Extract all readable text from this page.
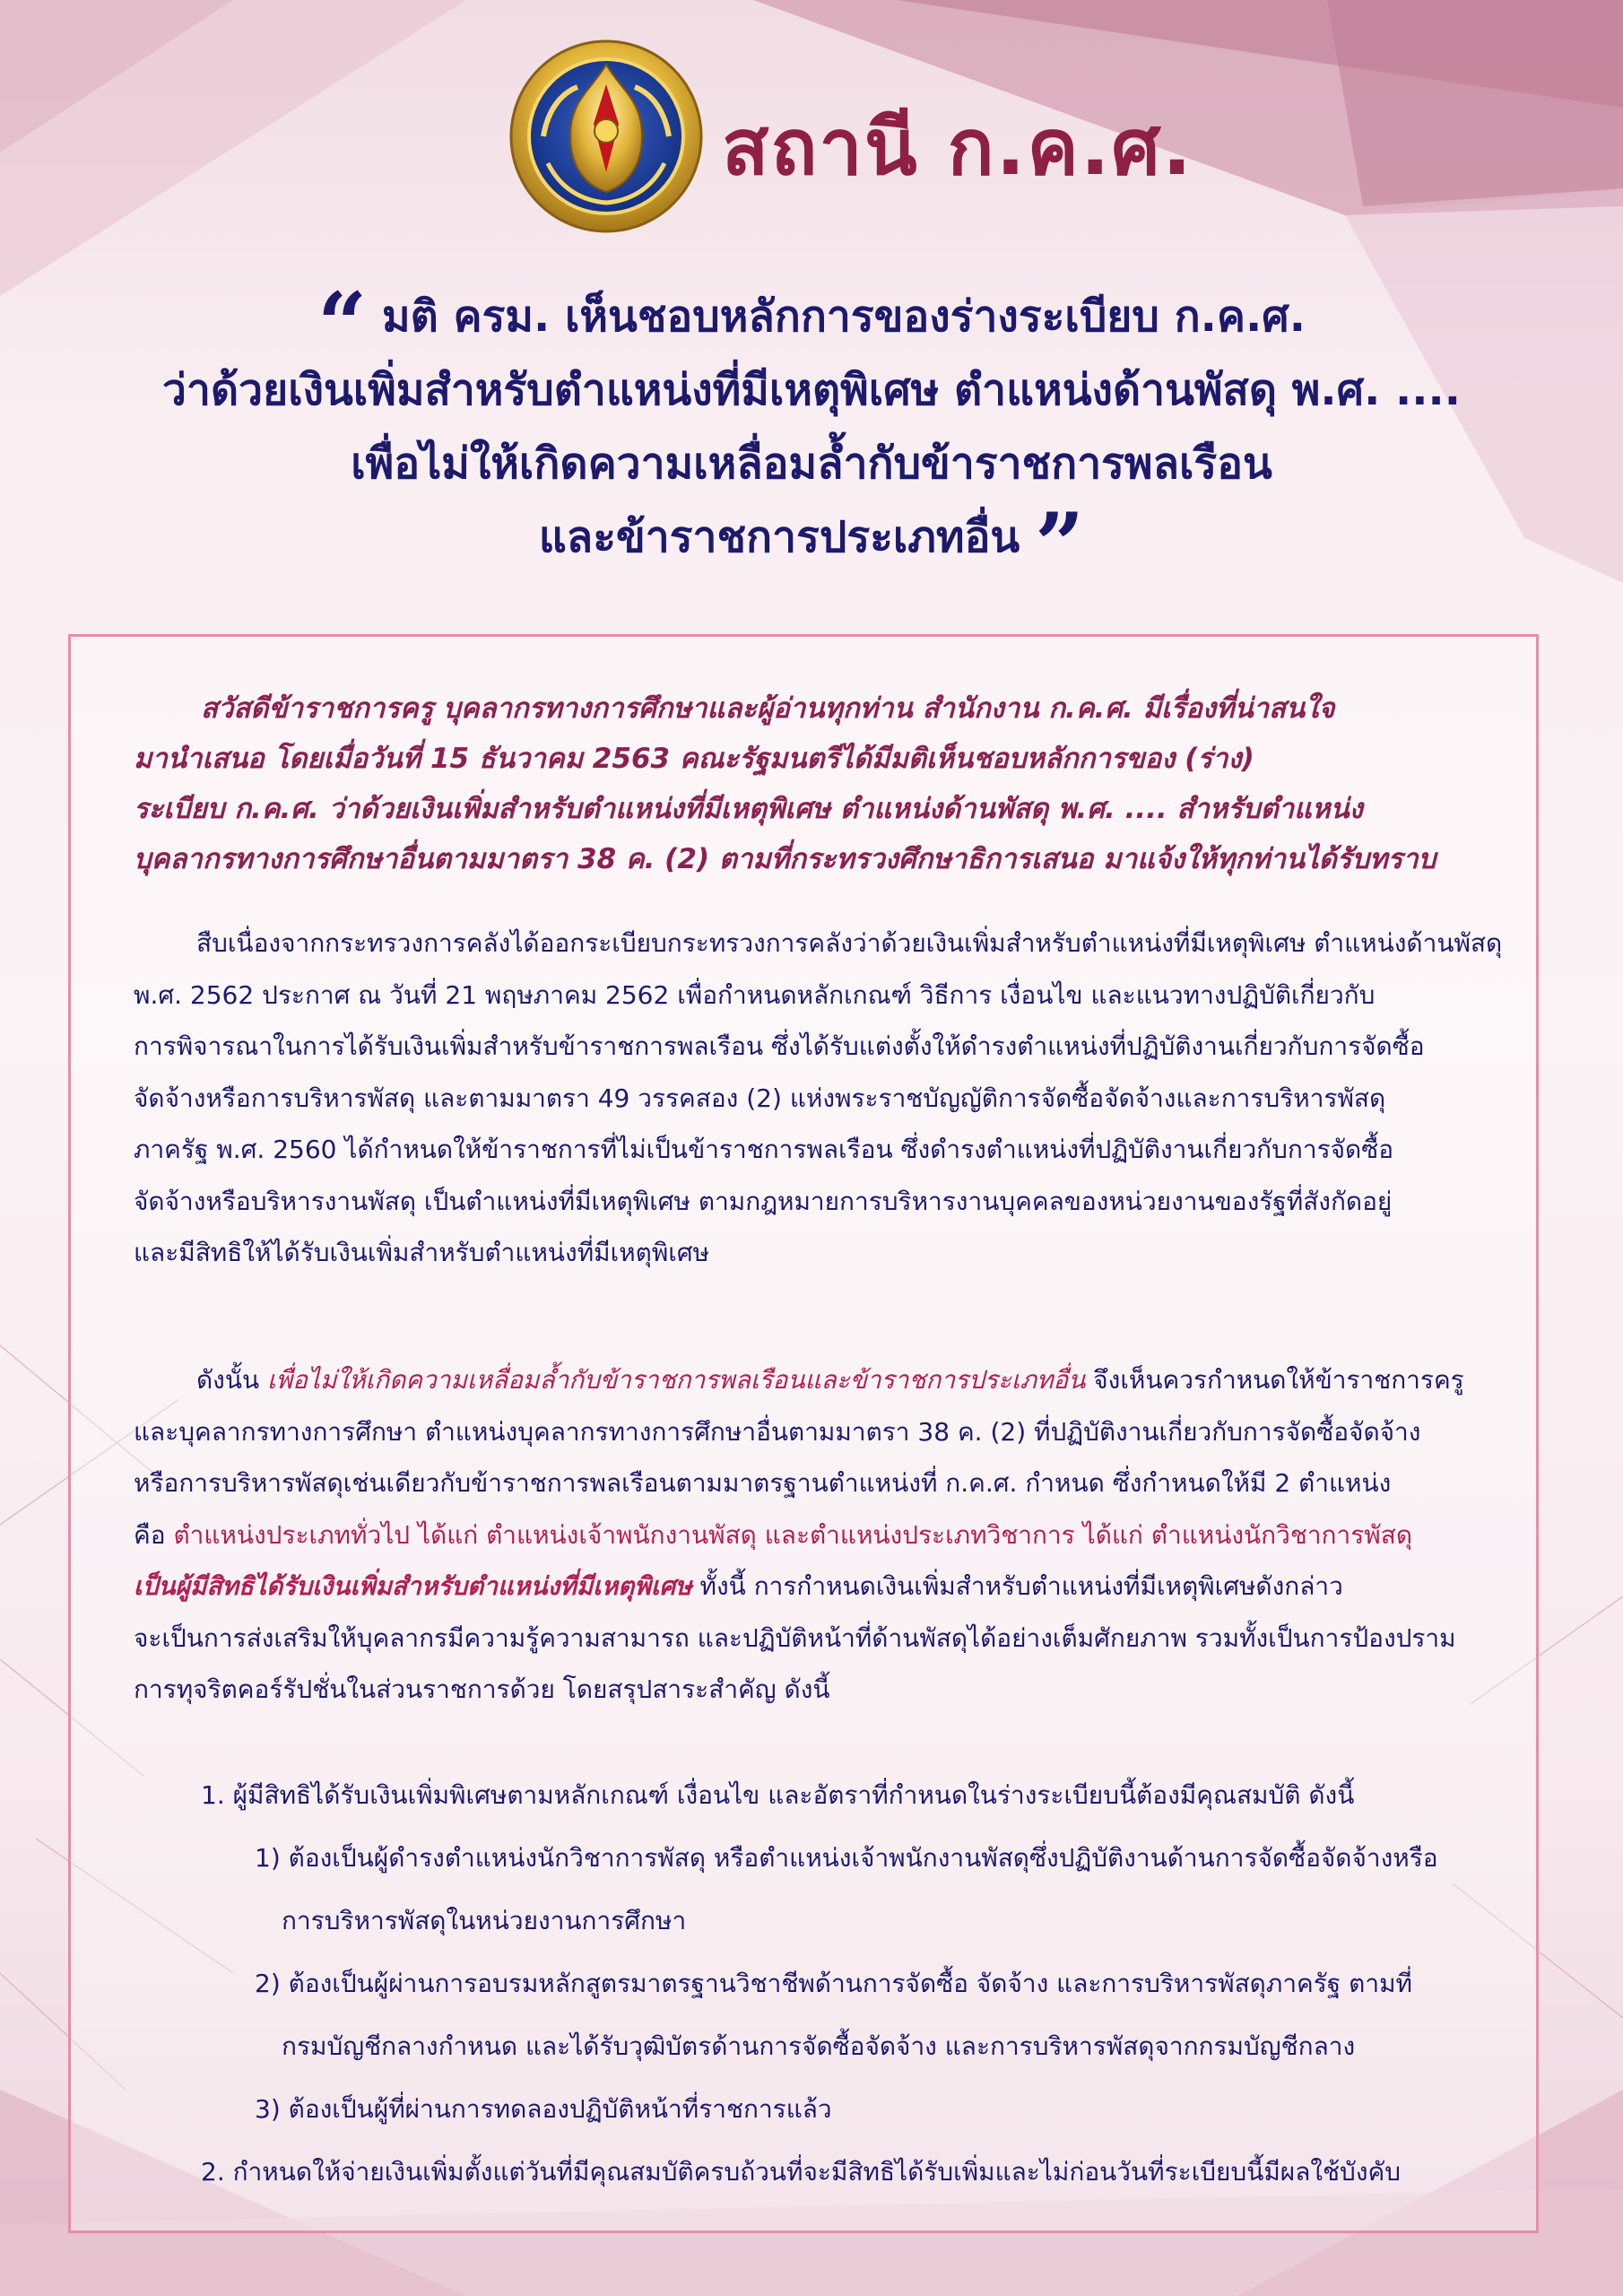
สถานี ก.ค.ศ.
“ มติ ครม. เห็นชอบหลักการของร่างระเบียบ ก.ค.ศ.
ว่าด้วยเงินเพิ่มสำหรับตำแหน่งที่มีเหตุพิเศษ ตำแหน่งด้านพัสดุ พ.ศ. ....
เพื่อไม่ให้เกิดความเหลื่อมล้ำกับข้าราชการพลเรือน
และข้าราชการประเภทอื่น ”
สวัสดีข้าราชการครู บุคลากรทางการศึกษาและผู้อ่านทุกท่าน สำนักงาน ก.ค.ศ. มีเรื่องที่น่าสนใจ
มานำเสนอ โดยเมื่อวันที่ 15 ธันวาคม 2563 คณะรัฐมนตรีได้มีมติเห็นชอบหลักการของ (ร่าง)
ระเบียบ ก.ค.ศ. ว่าด้วยเงินเพิ่มสำหรับตำแหน่งที่มีเหตุพิเศษ ตำแหน่งด้านพัสดุ พ.ศ. .... สำหรับตำแหน่ง
บุคลากรทางการศึกษาอื่นตามมาตรา 38 ค. (2) ตามที่กระทรวงศึกษาธิการเสนอ มาแจ้งให้ทุกท่านได้รับทราบ
สืบเนื่องจากกระทรวงการคลังได้ออกระเบียบกระทรวงการคลังว่าด้วยเงินเพิ่มสำหรับตำแหน่งที่มีเหตุพิเศษ ตำแหน่งด้านพัสดุ
พ.ศ. 2562 ประกาศ ณ วันที่ 21 พฤษภาคม 2562 เพื่อกำหนดหลักเกณฑ์ วิธีการ เงื่อนไข และแนวทางปฏิบัติเกี่ยวกับ
การพิจารณาในการได้รับเงินเพิ่มสำหรับข้าราชการพลเรือน ซึ่งได้รับแต่งตั้งให้ดำรงตำแหน่งที่ปฏิบัติงานเกี่ยวกับการจัดซื้อ
จัดจ้างหรือการบริหารพัสดุ และตามมาตรา 49 วรรคสอง (2) แห่งพระราชบัญญัติการจัดซื้อจัดจ้างและการบริหารพัสดุ
ภาครัฐ พ.ศ. 2560 ได้กำหนดให้ข้าราชการที่ไม่เป็นข้าราชการพลเรือน ซึ่งดำรงตำแหน่งที่ปฏิบัติงานเกี่ยวกับการจัดซื้อ
จัดจ้างหรือบริหารงานพัสดุ เป็นตำแหน่งที่มีเหตุพิเศษ ตามกฎหมายการบริหารงานบุคคลของหน่วยงานของรัฐที่สังกัดอยู่
และมีสิทธิให้ได้รับเงินเพิ่มสำหรับตำแหน่งที่มีเหตุพิเศษ
ดังนั้น เพื่อไม่ให้เกิดความเหลื่อมล้ำกับข้าราชการพลเรือนและข้าราชการประเภทอื่น จึงเห็นควรกำหนดให้ข้าราชการครู
และบุคลากรทางการศึกษา ตำแหน่งบุคลากรทางการศึกษาอื่นตามมาตรา 38 ค. (2) ที่ปฏิบัติงานเกี่ยวกับการจัดซื้อจัดจ้าง
หรือการบริหารพัสดุเช่นเดียวกับข้าราชการพลเรือนตามมาตรฐานตำแหน่งที่ ก.ค.ศ. กำหนด ซึ่งกำหนดให้มี 2 ตำแหน่ง
คือ ตำแหน่งประเภททั่วไป ได้แก่ ตำแหน่งเจ้าพนักงานพัสดุ และตำแหน่งประเภทวิชาการ ได้แก่ ตำแหน่งนักวิชาการพัสดุ
เป็นผู้มีสิทธิได้รับเงินเพิ่มสำหรับตำแหน่งที่มีเหตุพิเศษ ทั้งนี้ การกำหนดเงินเพิ่มสำหรับตำแหน่งที่มีเหตุพิเศษดังกล่าว
จะเป็นการส่งเสริมให้บุคลากรมีความรู้ความสามารถ และปฏิบัติหน้าที่ด้านพัสดุได้อย่างเต็มศักยภาพ รวมทั้งเป็นการป้องปราม
การทุจริตคอร์รัปชั่นในส่วนราชการด้วย โดยสรุปสาระสำคัญ ดังนี้
1. ผู้มีสิทธิได้รับเงินเพิ่มพิเศษตามหลักเกณฑ์ เงื่อนไข และอัตราที่กำหนดในร่างระเบียบนี้ต้องมีคุณสมบัติ ดังนี้
1) ต้องเป็นผู้ดำรงตำแหน่งนักวิชาการพัสดุ หรือตำแหน่งเจ้าพนักงานพัสดุซึ่งปฏิบัติงานด้านการจัดซื้อจัดจ้างหรือ
การบริหารพัสดุในหน่วยงานการศึกษา
2) ต้องเป็นผู้ผ่านการอบรมหลักสูตรมาตรฐานวิชาชีพด้านการจัดซื้อ จัดจ้าง และการบริหารพัสดุภาครัฐ ตามที่
กรมบัญชีกลางกำหนด และได้รับวุฒิบัตรด้านการจัดซื้อจัดจ้าง และการบริหารพัสดุจากกรมบัญชีกลาง
3) ต้องเป็นผู้ที่ผ่านการทดลองปฏิบัติหน้าที่ราชการแล้ว
2. กำหนดให้จ่ายเงินเพิ่มตั้งแต่วันที่มีคุณสมบัติครบถ้วนที่จะมีสิทธิได้รับเพิ่มและไม่ก่อนวันที่ระเบียบนี้มีผลใช้บังคับ
